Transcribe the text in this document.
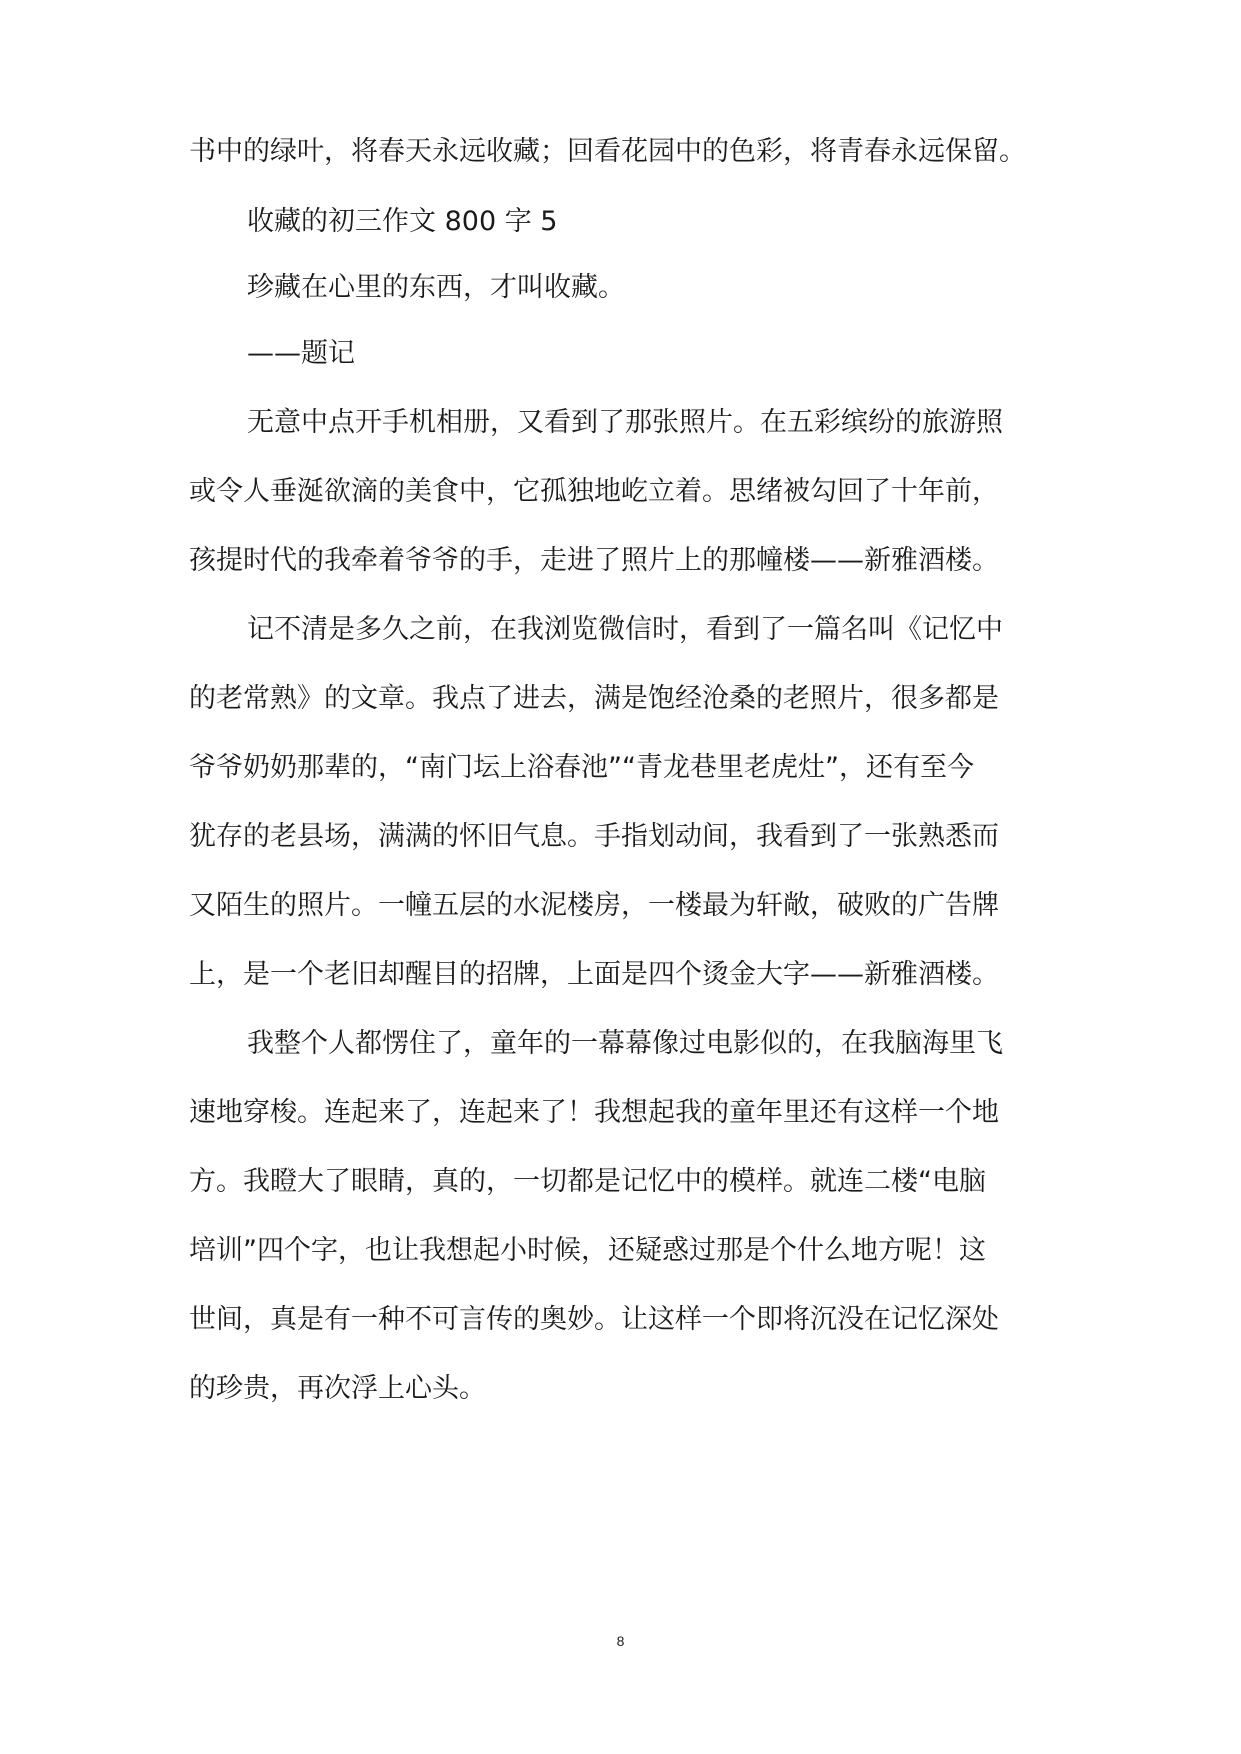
书中的绿叶，将春天永远收藏；回看花园中的色彩，将青春永远保留。
收藏的初三作文 800 字 5
珍藏在心里的东西，才叫收藏。
——题记
无意中点开手机相册，又看到了那张照片。在五彩缤纷的旅游照
或令人垂涎欲滴的美食中，它孤独地屹立着。思绪被勾回了十年前，
孩提时代的我牵着爷爷的手，走进了照片上的那幢楼——新雅酒楼。
记不清是多久之前，在我浏览微信时，看到了一篇名叫《记忆中
的老常熟》的文章。我点了进去，满是饱经沧桑的老照片，很多都是
爷爷奶奶那辈的，“南门坛上浴春池”“青龙巷里老虎灶”，还有至今
犹存的老县场，满满的怀旧气息。手指划动间，我看到了一张熟悉而
又陌生的照片。一幢五层的水泥楼房，一楼最为轩敞，破败的广告牌
上，是一个老旧却醒目的招牌，上面是四个烫金大字——新雅酒楼。
我整个人都愣住了，童年的一幕幕像过电影似的，在我脑海里飞
速地穿梭。连起来了，连起来了！我想起我的童年里还有这样一个地
方。我瞪大了眼睛，真的，一切都是记忆中的模样。就连二楼“电脑
培训”四个字，也让我想起小时候，还疑惑过那是个什么地方呢！这
世间，真是有一种不可言传的奥妙。让这样一个即将沉没在记忆深处
的珍贵，再次浮上心头。
8
